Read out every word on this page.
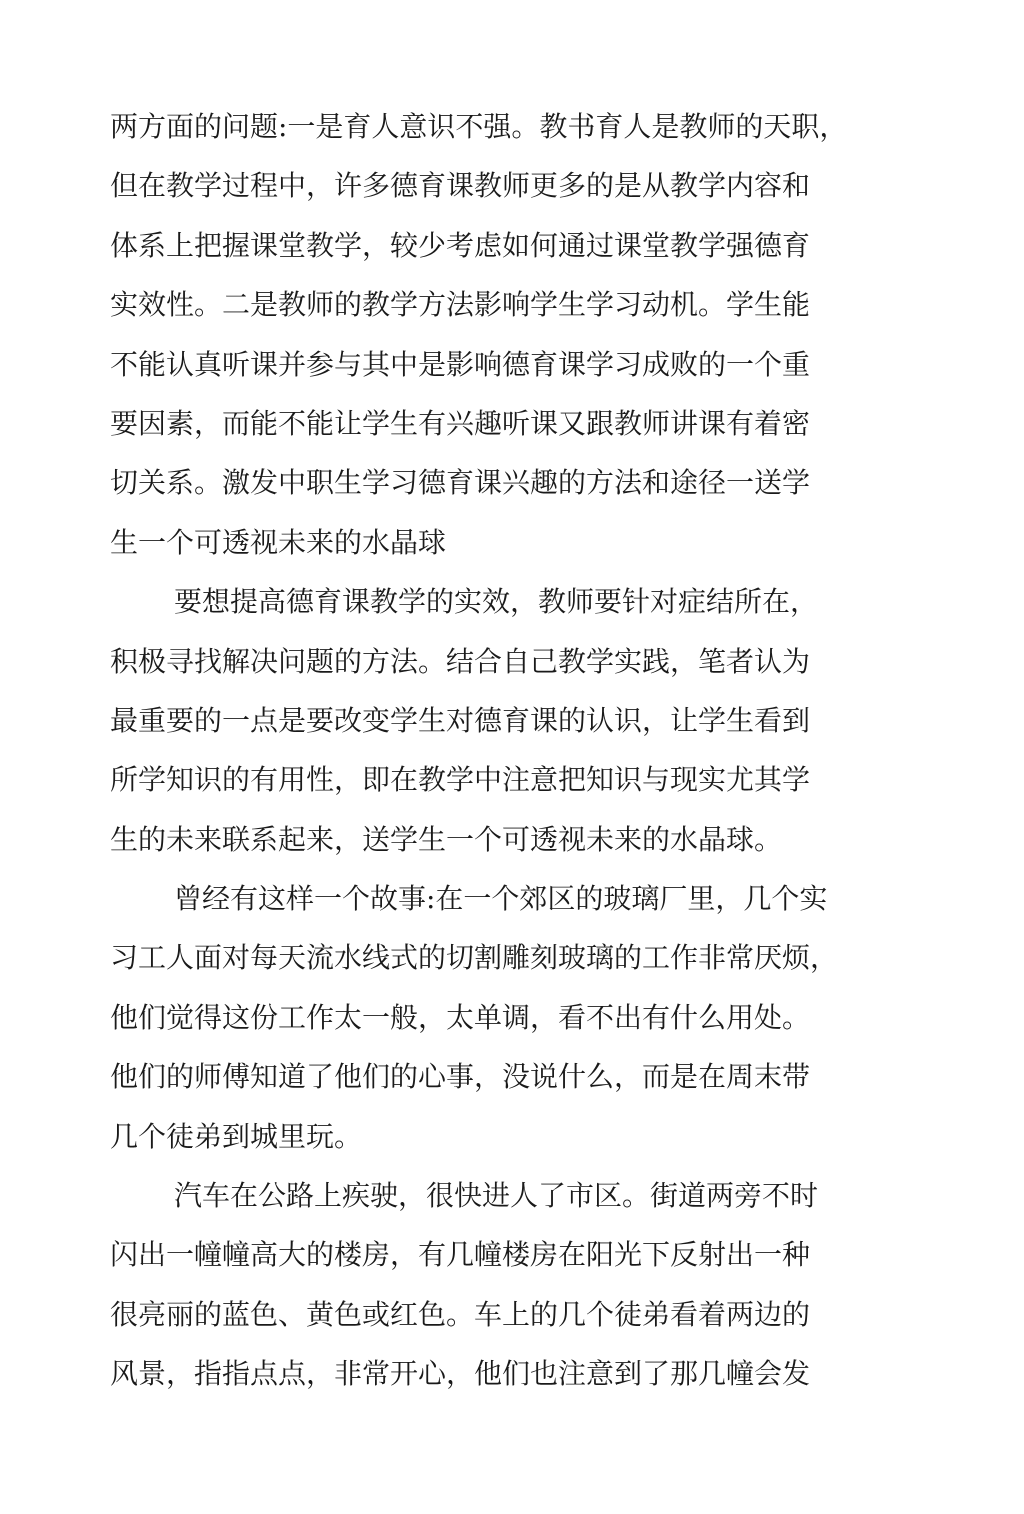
两方面的问题:一是育人意识不强。教书育人是教师的天职，
但在教学过程中，许多德育课教师更多的是从教学内容和
体系上把握课堂教学，较少考虑如何通过课堂教学强德育
实效性。二是教师的教学方法影响学生学习动机。学生能
不能认真听课并参与其中是影响德育课学习成败的一个重
要因素，而能不能让学生有兴趣听课又跟教师讲课有着密
切关系。激发中职生学习德育课兴趣的方法和途径一送学
生一个可透视未来的水晶球
要想提高德育课教学的实效，教师要针对症结所在，
积极寻找解决问题的方法。结合自己教学实践，笔者认为
最重要的一点是要改变学生对德育课的认识，让学生看到
所学知识的有用性，即在教学中注意把知识与现实尤其学
生的未来联系起来，送学生一个可透视未来的水晶球。
曾经有这样一个故事:在一个郊区的玻璃厂里，几个实
习工人面对每天流水线式的切割雕刻玻璃的工作非常厌烦，
他们觉得这份工作太一般，太单调，看不出有什么用处。
他们的师傅知道了他们的心事，没说什么，而是在周末带
几个徒弟到城里玩。
汽车在公路上疾驶，很快进人了市区。街道两旁不时
闪出一幢幢高大的楼房，有几幢楼房在阳光下反射出一种
很亮丽的蓝色、黄色或红色。车上的几个徒弟看着两边的
风景，指指点点，非常开心，他们也注意到了那几幢会发
